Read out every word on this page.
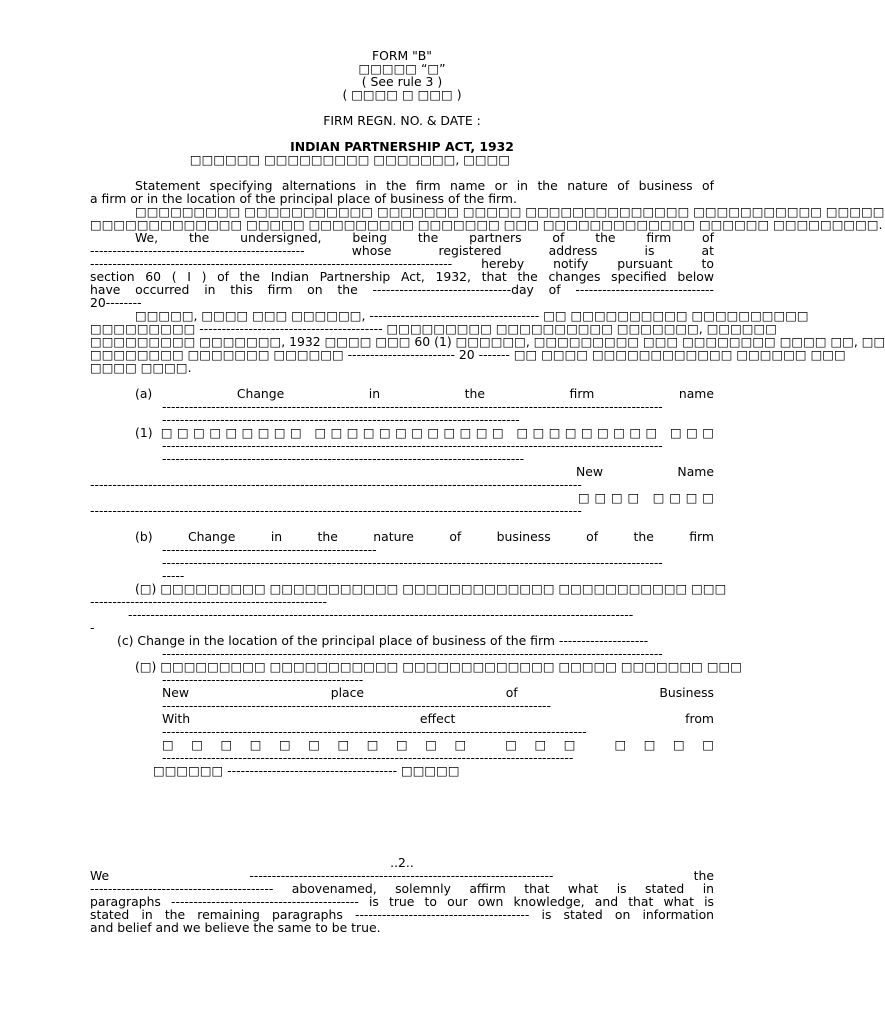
FORM "B"
□□□□□ “□”
( See rule 3 )
( □□□□ □ □□□ )
FIRM REGN. NO. & DATE :
INDIAN PARTNERSHIP ACT, 1932
□□□□□□ □□□□□□□□□ □□□□□□□, □□□□
Statement specifying alternations in the firm name or in the nature of business of
a firm or in the location of the principal place of business of the firm.
□□□□□□□□□ □□□□□□□□□□□ □□□□□□□ □□□□□ □□□□□□□□□□□□□□ □□□□□□□□□□□ □□□□□
□□□□□□□□□□□□□ □□□□□ □□□□□□□□□ □□□□□□□ □□□ □□□□□□□□□□□□□ □□□□□□ □□□□□□□□□.
We, the undersigned, being the partners of the firm of
------------------------------------------------ whose registered address is at
--------------------------------------------------------------------------------- hereby notify pursuant to
section 60 ( I ) of the Indian Partnership Act, 1932, that the changes specified below
have occurred in this firm on the -------------------------------day of -------------------------------
20--------
□□□□□, □□□□ □□□ □□□□□□, -------------------------------------- □□ □□□□□□□□□□ □□□□□□□□□□
□□□□□□□□□ ----------------------------------------- □□□□□□□□□ □□□□□□□□□□ □□□□□□□, □□□□□□
□□□□□□□□□ □□□□□□□, 1932 □□□□ □□□ 60 (1) □□□□□□, □□□□□□□□□ □□□ □□□□□□□□ □□□□ □□, □□
□□□□□□□□ □□□□□□□ □□□□□□ ------------------------ 20 ------- □□ □□□□ □□□□□□□□□□□□ □□□□□□ □□□
□□□□ □□□□.
(a) Change in the firm name
----------------------------------------------------------------------------------------------------------------
--------------------------------------------------------------------------------
(1) □□□□□□□□□ □□□□□□□□□□□□ □□□□□□□□□ □□□
----------------------------------------------------------------------------------------------------------------
---------------------------------------------------------------------------------
New Name
--------------------------------------------------------------------------------------------------------------
□□□□ □□□□
--------------------------------------------------------------------------------------------------------------
(b) Change in the nature of business of the firm
------------------------------------------------
----------------------------------------------------------------------------------------------------------------
-----
(□) □□□□□□□□□ □□□□□□□□□□□ □□□□□□□□□□□□□ □□□□□□□□□□□ □□□
-----------------------------------------------------
-----------------------------------------------------------------------------------------------------------------
-
(c) Change in the location of the principal place of business of the firm --------------------
----------------------------------------------------------------------------------------------------------------
(□) □□□□□□□□□ □□□□□□□□□□□ □□□□□□□□□□□□□ □□□□□ □□□□□□□ □□□
---------------------------------------------
New place of Business
---------------------------------------------------------------------------------------
With effect from
-----------------------------------------------------------------------------------------------
□□□□□□□□□□□ □□□ □□□□
--------------------------------------------------------------------------------------------
□□□□□□ -------------------------------------- □□□□□
..2..
We -------------------------------------------------------------------- the
----------------------------------------- abovenamed, solemnly affirm that what is stated in
paragraphs ------------------------------------------ is true to our own knowledge, and that what is
stated in the remaining paragraphs --------------------------------------- is stated on information
and belief and we believe the same to be true.
